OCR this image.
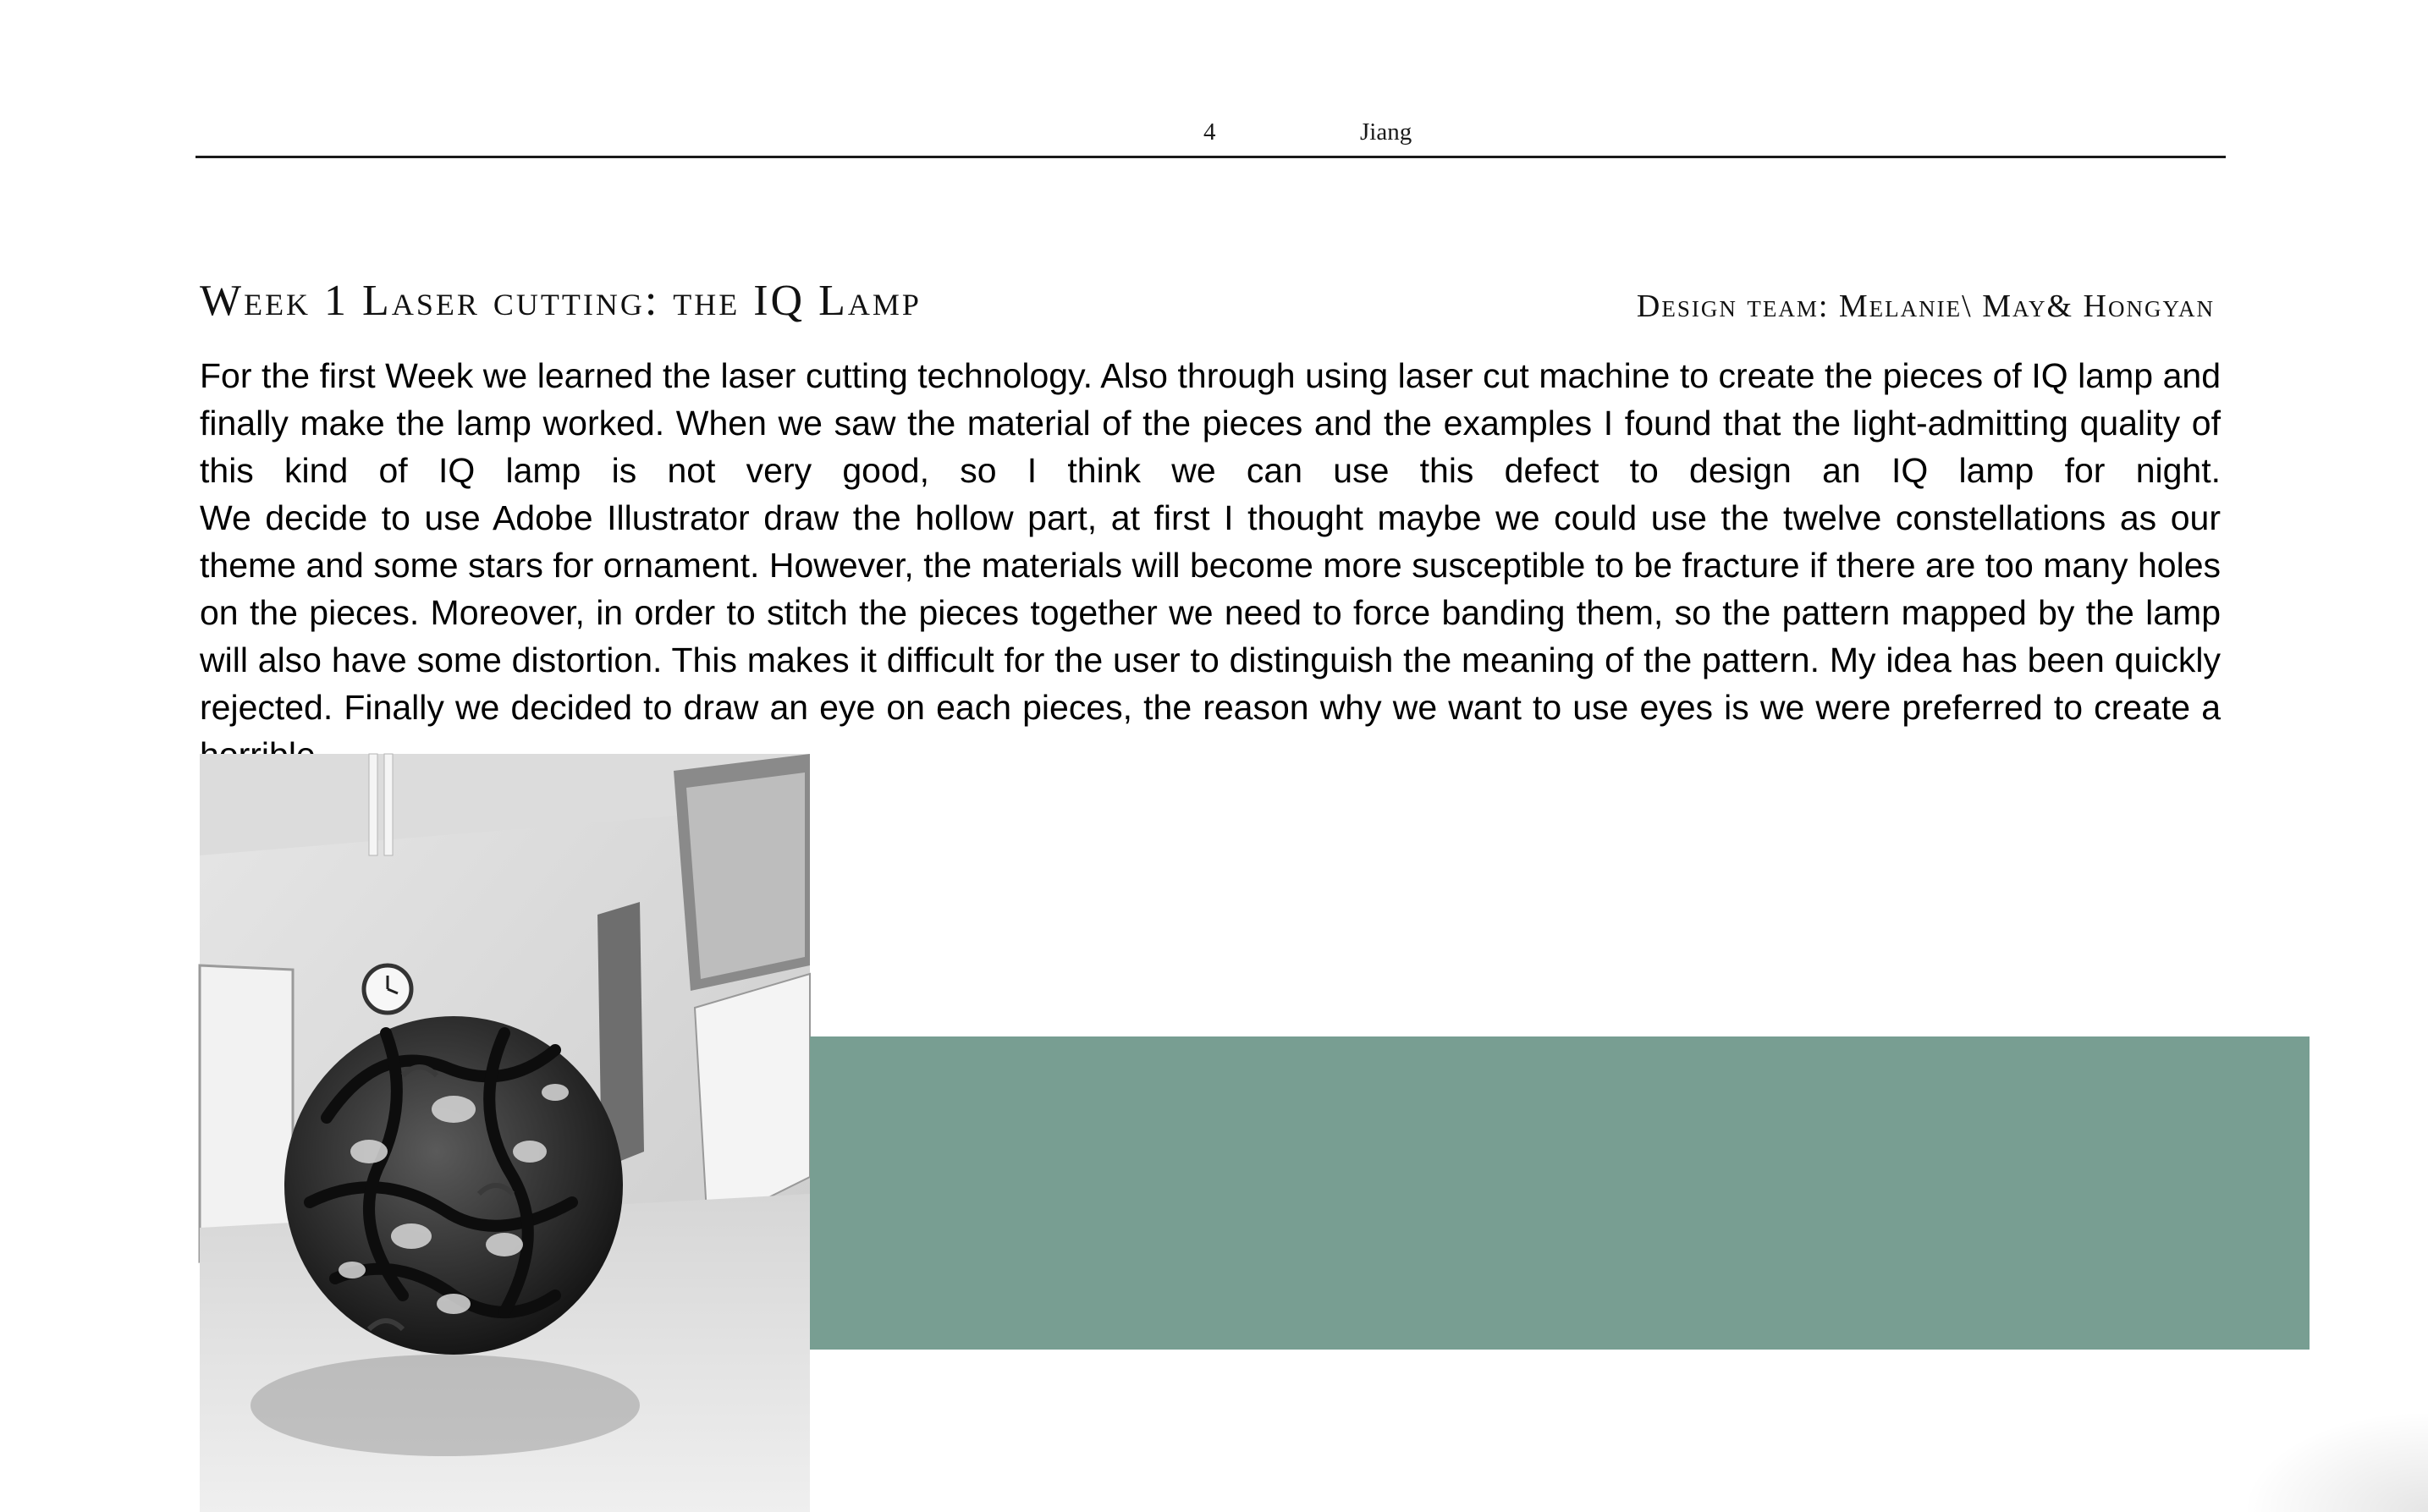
4	Jiang
Week 1 Laser cutting: the IQ Lamp	Design team: Melanie\ May& Hongyan

For the first Week we learned the laser cutting technology. Also through using laser cut machine to create the pieces of IQ lamp and finally make the lamp worked. When we saw the material of the pieces and the examples I found that the light-admitting quality of this kind of IQ lamp is not very good, so I think we can use this defect to design an IQ lamp for night.

We decide to use Adobe Illustrator draw the hollow part, at first I thought maybe we could use the twelve constellations as our theme and some stars for ornament. However, the materials will become more susceptible to be fracture if there are too many holes on the pieces. Moreover, in order to stitch the pieces together we need to force banding them, so the pattern mapped by the lamp will also have some distortion. This makes it difficult for the user to distinguish the meaning of the pattern. My idea has been quickly rejected. Finally we decided to draw an eye on each pieces, the reason why we want to use eyes is we were preferred to create a
